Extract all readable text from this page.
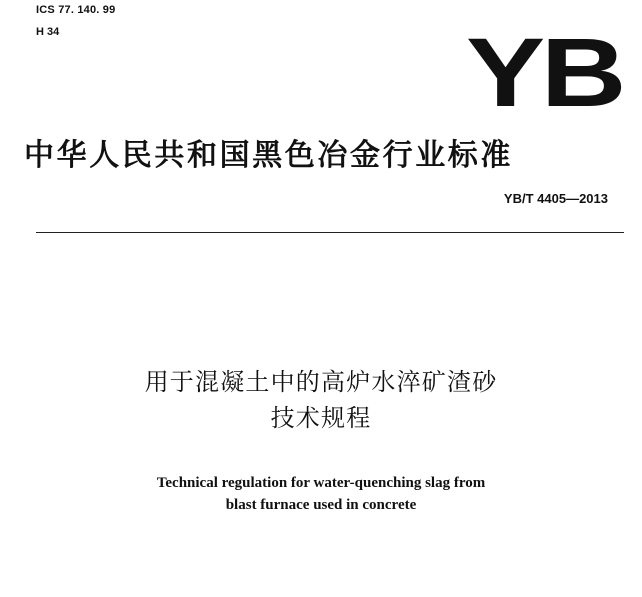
ICS 77. 140. 99
H 34	YB
中华人民共和国黑色冶金行业标准
YB/T 4405—2013
用于混凝土中的高炉水淬矿渣砂
技术规程
Technical regulation for water-quenching slag from
blast furnace used in concrete
